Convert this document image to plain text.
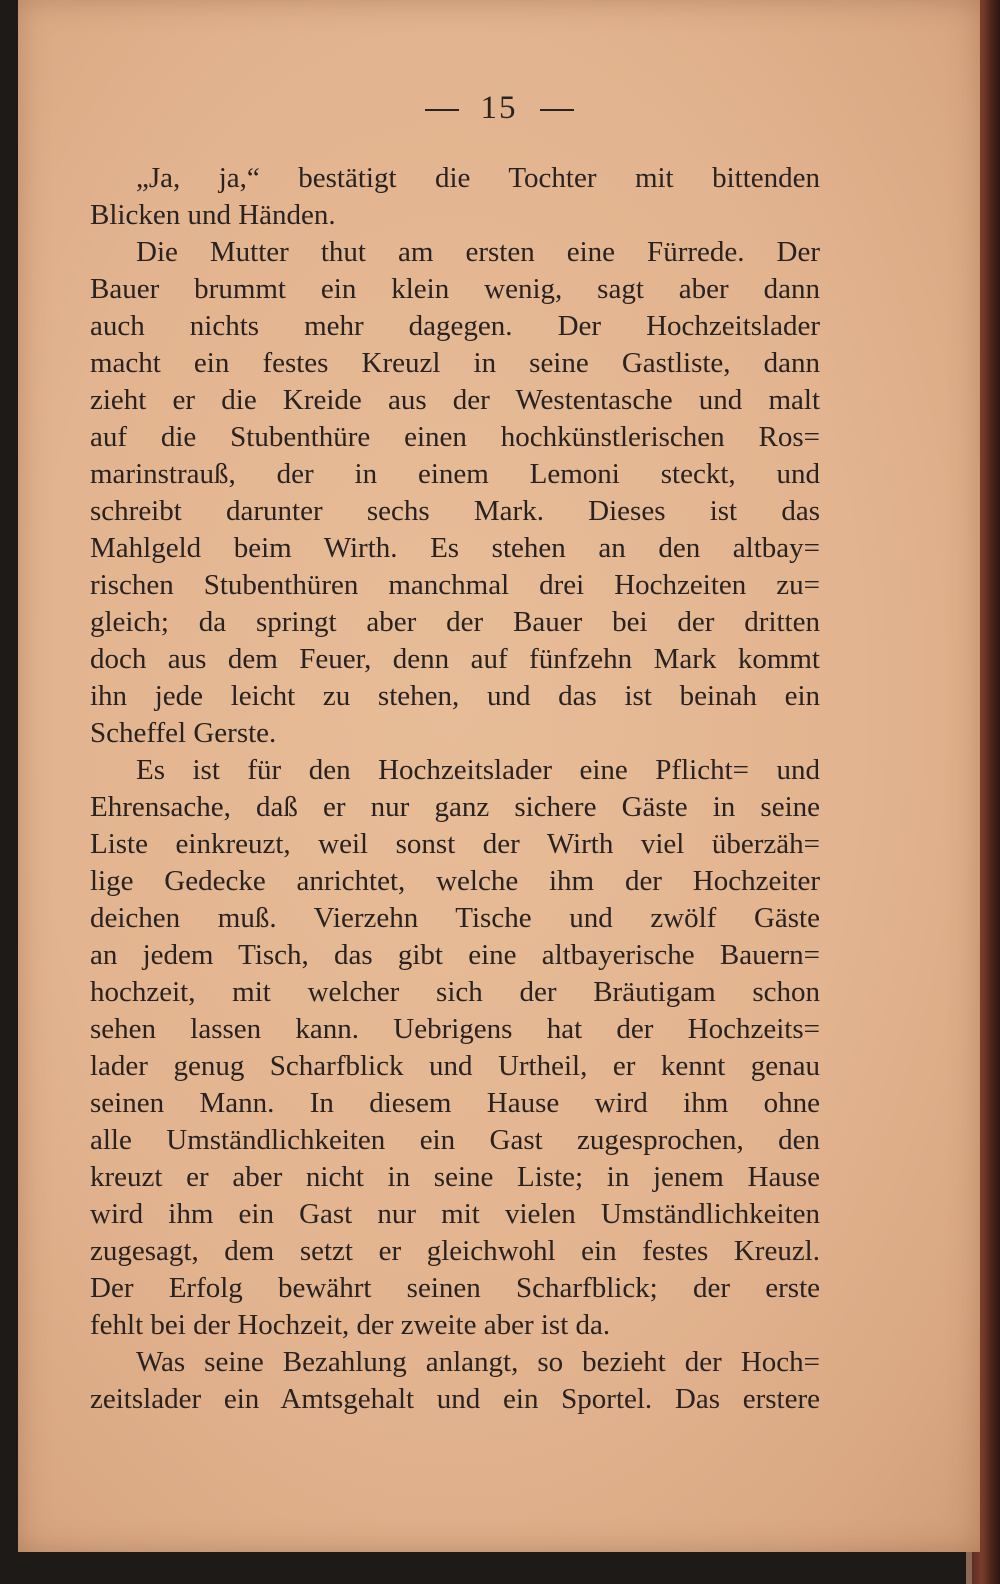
15
„Ja, ja,“ bestätigt die Tochter mit bittenden
Blicken und Händen.
Die Mutter thut am ersten eine Fürrede. Der
Bauer brummt ein klein wenig, sagt aber dann
auch nichts mehr dagegen. Der Hochzeitslader
macht ein festes Kreuzl in seine Gastliste, dann
zieht er die Kreide aus der Westentasche und malt
auf die Stubenthüre einen hochkünstlerischen Ros=
marinstrauß, der in einem Lemoni steckt, und
schreibt darunter sechs Mark. Dieses ist das
Mahlgeld beim Wirth. Es stehen an den altbay=
rischen Stubenthüren manchmal drei Hochzeiten zu=
gleich; da springt aber der Bauer bei der dritten
doch aus dem Feuer, denn auf fünfzehn Mark kommt
ihn jede leicht zu stehen, und das ist beinah ein
Scheffel Gerste.
Es ist für den Hochzeitslader eine Pflicht= und
Ehrensache, daß er nur ganz sichere Gäste in seine
Liste einkreuzt, weil sonst der Wirth viel überzäh=
lige Gedecke anrichtet, welche ihm der Hochzeiter
deichen muß. Vierzehn Tische und zwölf Gäste
an jedem Tisch, das gibt eine altbayerische Bauern=
hochzeit, mit welcher sich der Bräutigam schon
sehen lassen kann. Uebrigens hat der Hochzeits=
lader genug Scharfblick und Urtheil, er kennt genau
seinen Mann. In diesem Hause wird ihm ohne
alle Umständlichkeiten ein Gast zugesprochen, den
kreuzt er aber nicht in seine Liste; in jenem Hause
wird ihm ein Gast nur mit vielen Umständlichkeiten
zugesagt, dem setzt er gleichwohl ein festes Kreuzl.
Der Erfolg bewährt seinen Scharfblick; der erste
fehlt bei der Hochzeit, der zweite aber ist da.
Was seine Bezahlung anlangt, so bezieht der Hoch=
zeitslader ein Amtsgehalt und ein Sportel. Das erstere
